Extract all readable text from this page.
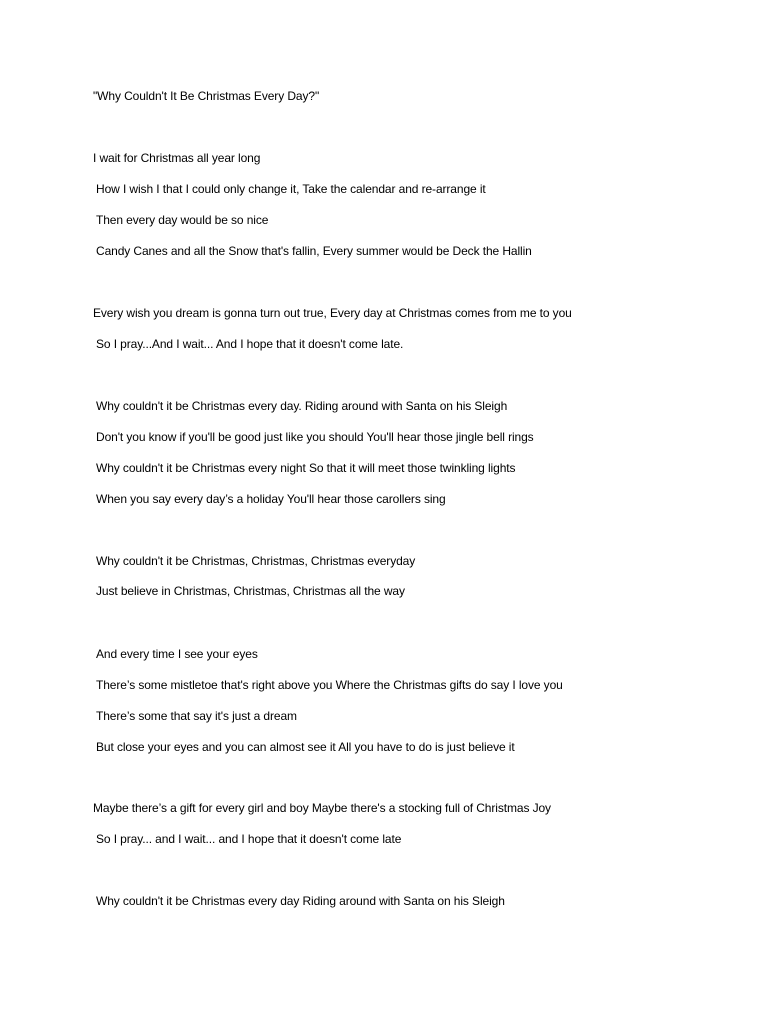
"Why Couldn't It Be Christmas Every Day?"
I wait for Christmas all year long
How I wish I that I could only change it, Take the calendar and re-arrange it
Then every day would be so nice
Candy Canes and all the Snow that's fallin, Every summer would be Deck the Hallin
Every wish you dream is gonna turn out true, Every day at Christmas comes from me to you
So I pray...And I wait... And I hope that it doesn't come late.
Why couldn't it be Christmas every day. Riding around with Santa on his Sleigh
Don't you know if you'll be good just like you should You'll hear those jingle bell rings
Why couldn't it be Christmas every night So that it will meet those twinkling lights
When you say every day’s a holiday You'll hear those carollers sing
Why couldn't it be Christmas, Christmas, Christmas everyday
Just believe in Christmas, Christmas, Christmas all the way
And every time I see your eyes
There’s some mistletoe that's right above you Where the Christmas gifts do say I love you
There’s some that say it's just a dream
But close your eyes and you can almost see it All you have to do is just believe it
Maybe there’s a gift for every girl and boy Maybe there's a stocking full of Christmas Joy
So I pray... and I wait... and I hope that it doesn't come late
Why couldn't it be Christmas every day Riding around with Santa on his Sleigh
